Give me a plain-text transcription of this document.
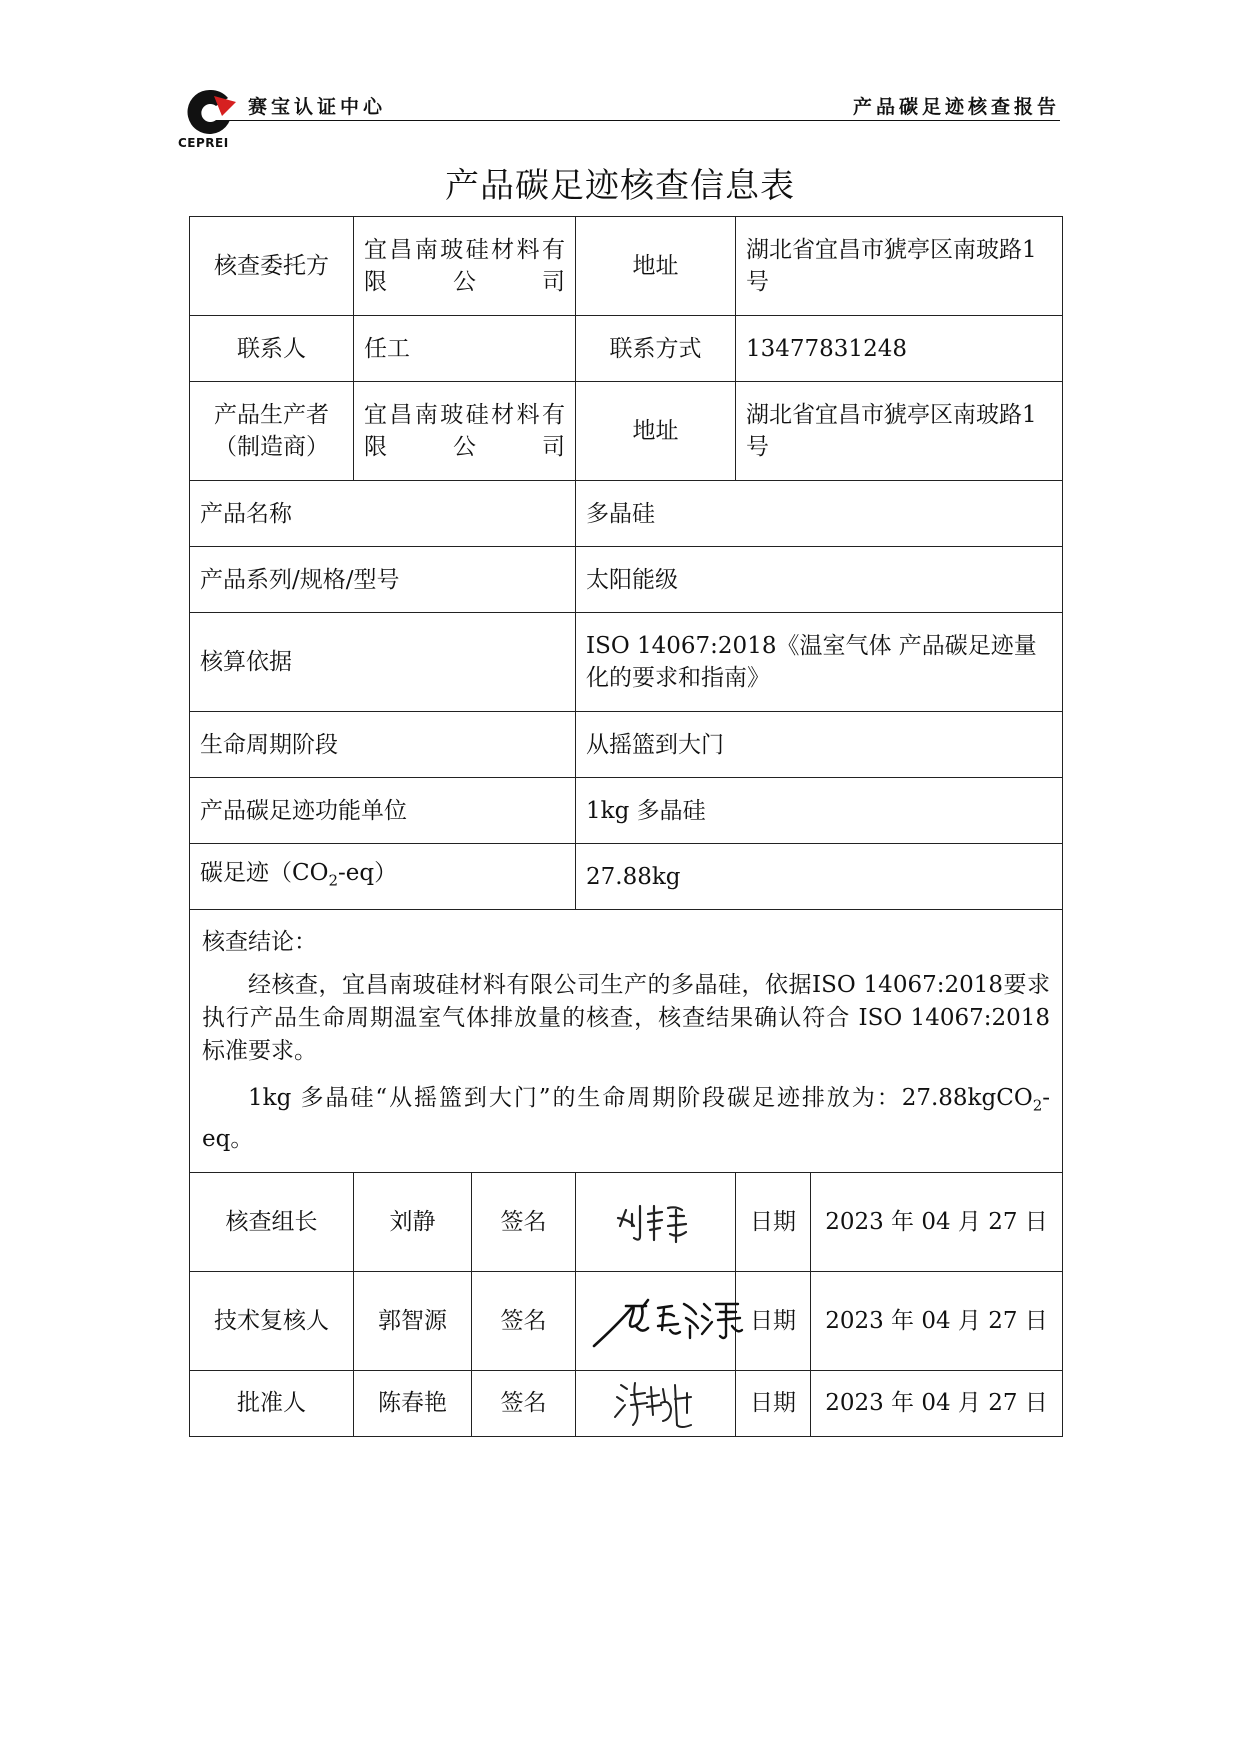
CEPREI
赛宝认证中心	产品碳足迹核查报告
产品碳足迹核查信息表
核查委托方	宜昌南玻硅材料有限公司		地址	湖北省宜昌市猇亭区南玻路1号	
联系人	任工		联系方式	13477831248	

产品生产者
（制造商）	宜昌南玻硅材料有限公司		地址	湖北省宜昌市猇亭区南玻路1号	
产品名称			多晶硅		
产品系列/规格/型号			太阳能级		
核算依据			ISO 14067:2018《温室气体 产品碳足迹量化的要求和指南》		
生命周期阶段			从摇篮到大门		
产品碳足迹功能单位			1kg 多晶硅		
碳足迹$(CO_2-eq)$			27.88kg		

核查结论：

经核查，宜昌南玻硅材料有限公司生产的多晶硅，依据ISO 14067:2018要求执行产品生命周期温室气体排放量的核查，核查结果确认符合 ISO 14067:2018 标准要求。

1kg 多晶硅“从摇篮到大门”的生命周期阶段碳足迹排放为：27.88kgCO$_2$-eq。					

核查组长	刘静	签名		日期	2023 年 04 月 27 日
技术复核人	郭智源	签名		日期	2023 年 04 月 27 日
批准人	陈春艳	签名		日期	2023 年 04 月 27 日
